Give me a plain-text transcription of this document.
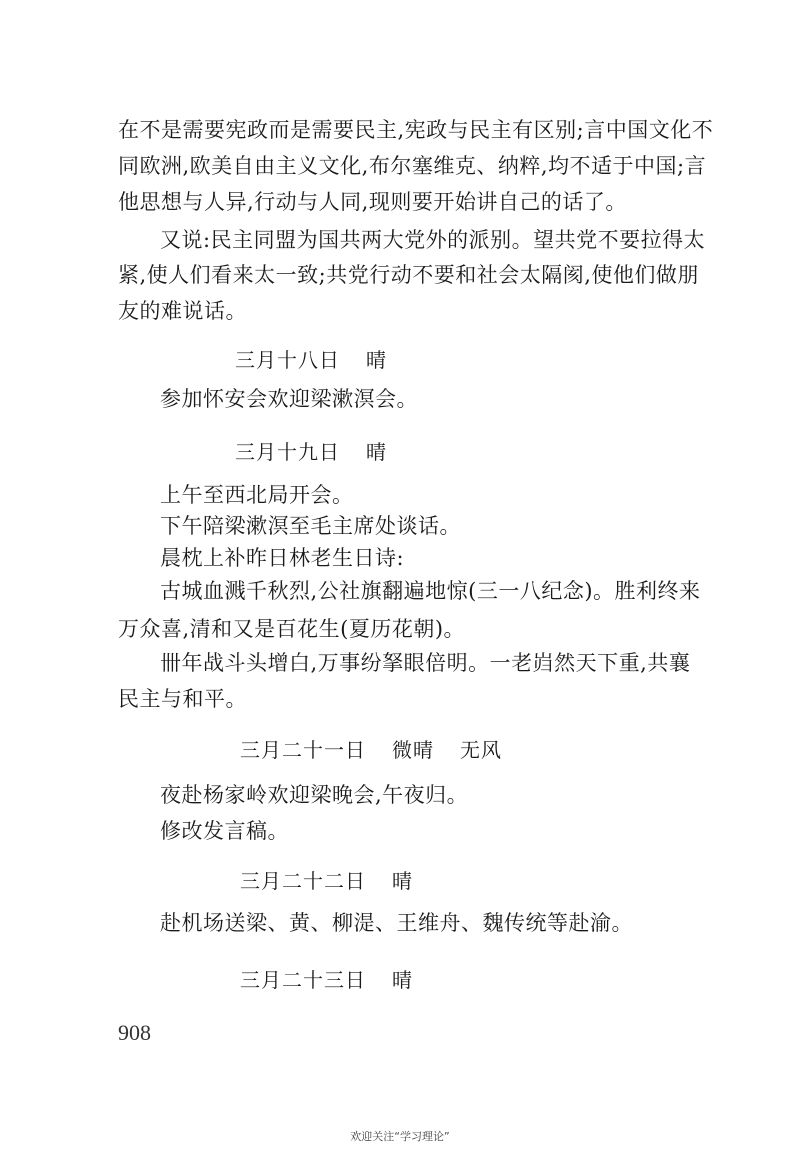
在不是需要宪政而是需要民主,宪政与民主有区别;言中国文化不
同欧洲,欧美自由主义文化,布尔塞维克、纳粹,均不适于中国;言
他思想与人异,行动与人同,现则要开始讲自己的话了。
又说:民主同盟为国共两大党外的派别。望共党不要拉得太
紧,使人们看来太一致;共党行动不要和社会太隔阂,使他们做朋
友的难说话。
三月十八日 晴
参加怀安会欢迎梁漱溟会。
三月十九日 晴
上午至西北局开会。
下午陪梁漱溟至毛主席处谈话。
晨枕上补昨日林老生日诗:
古城血溅千秋烈,公社旗翻遍地惊(三一八纪念)。胜利终来
万众喜,清和又是百花生(夏历花朝)。
卌年战斗头增白,万事纷拏眼倍明。一老岿然天下重,共襄
民主与和平。
三月二十一日 微晴 无风
夜赴杨家岭欢迎梁晚会,午夜归。
修改发言稿。
三月二十二日 晴
赴机场送梁、黄、柳湜、王维舟、魏传统等赴渝。
三月二十三日 晴
908
欢迎关注“学习理论”
